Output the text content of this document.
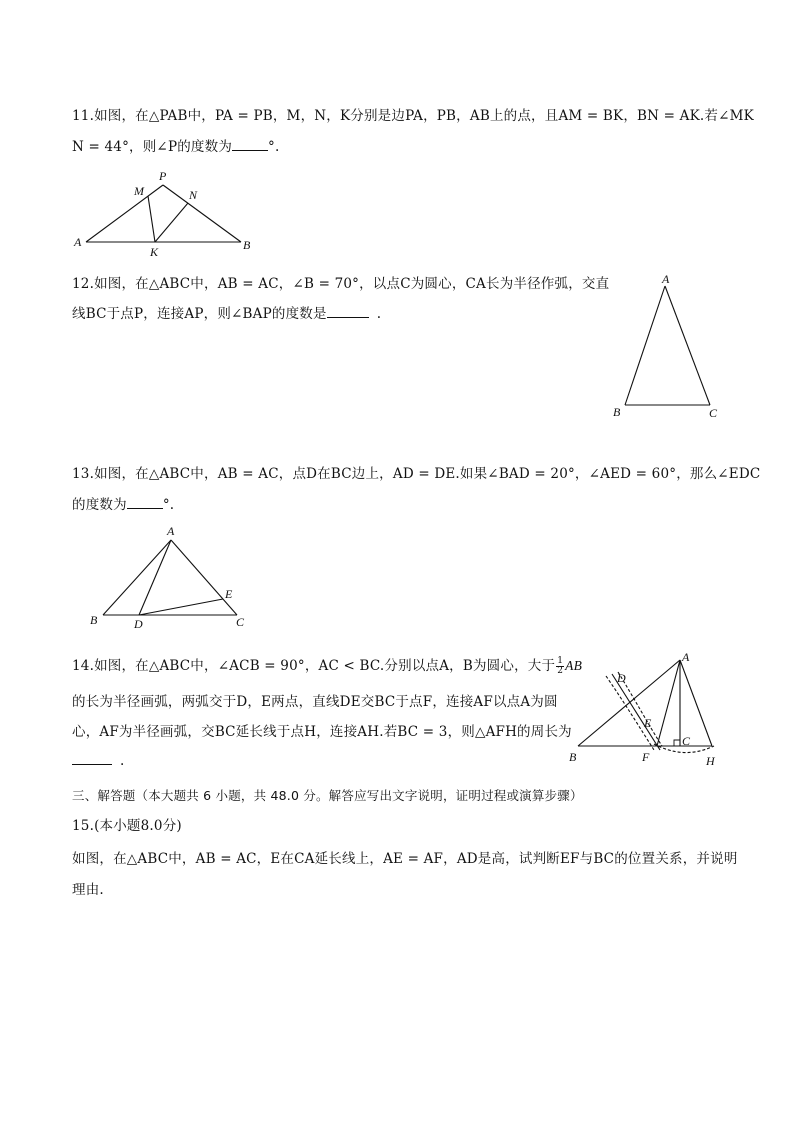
11.如图，在△PAB中，PA = PB，M，N，K分别是边PA，PB，AB上的点，且AM = BK，BN = AK.若∠MK
N = 44°，则∠P的度数为	°.
P
M	N
A
K	B
12.如图，在△ABC中，AB = AC，∠B = 70°，以点C为圆心，CA长为半径作弧，交直
线BC于点P，连接AP，则∠BAP的度数是	.
A
B	C
13.如图，在△ABC中，AB = AC，点D在BC边上，AD = DE.如果∠BAD = 20°，∠AED = 60°，那么∠EDC
的度数为	°.
A
B	D
E
C
14.如图，在△ABC中，∠ACB = 90°，AC < BC.分别以点A，B为圆心，大于 $\frac{1}{2}$ AB
的长为半径画弧，两弧交于D，E两点，直线DE交BC于点F，连接AF以点A为圆
心，AF为半径画弧，交BC延长线于点H，连接AH.若BC = 3，则△AFH的周长为
.
A
D
E
C
B	F	H
三、解答题（本大题共 6 小题，共 48.0 分。解答应写出文字说明，证明过程或演算步骤）
15.(本小题8.0分)
如图，在△ABC中，AB = AC，E在CA延长线上，AE = AF，AD是高，试判断EF与BC的位置关系，并说明
理由.
